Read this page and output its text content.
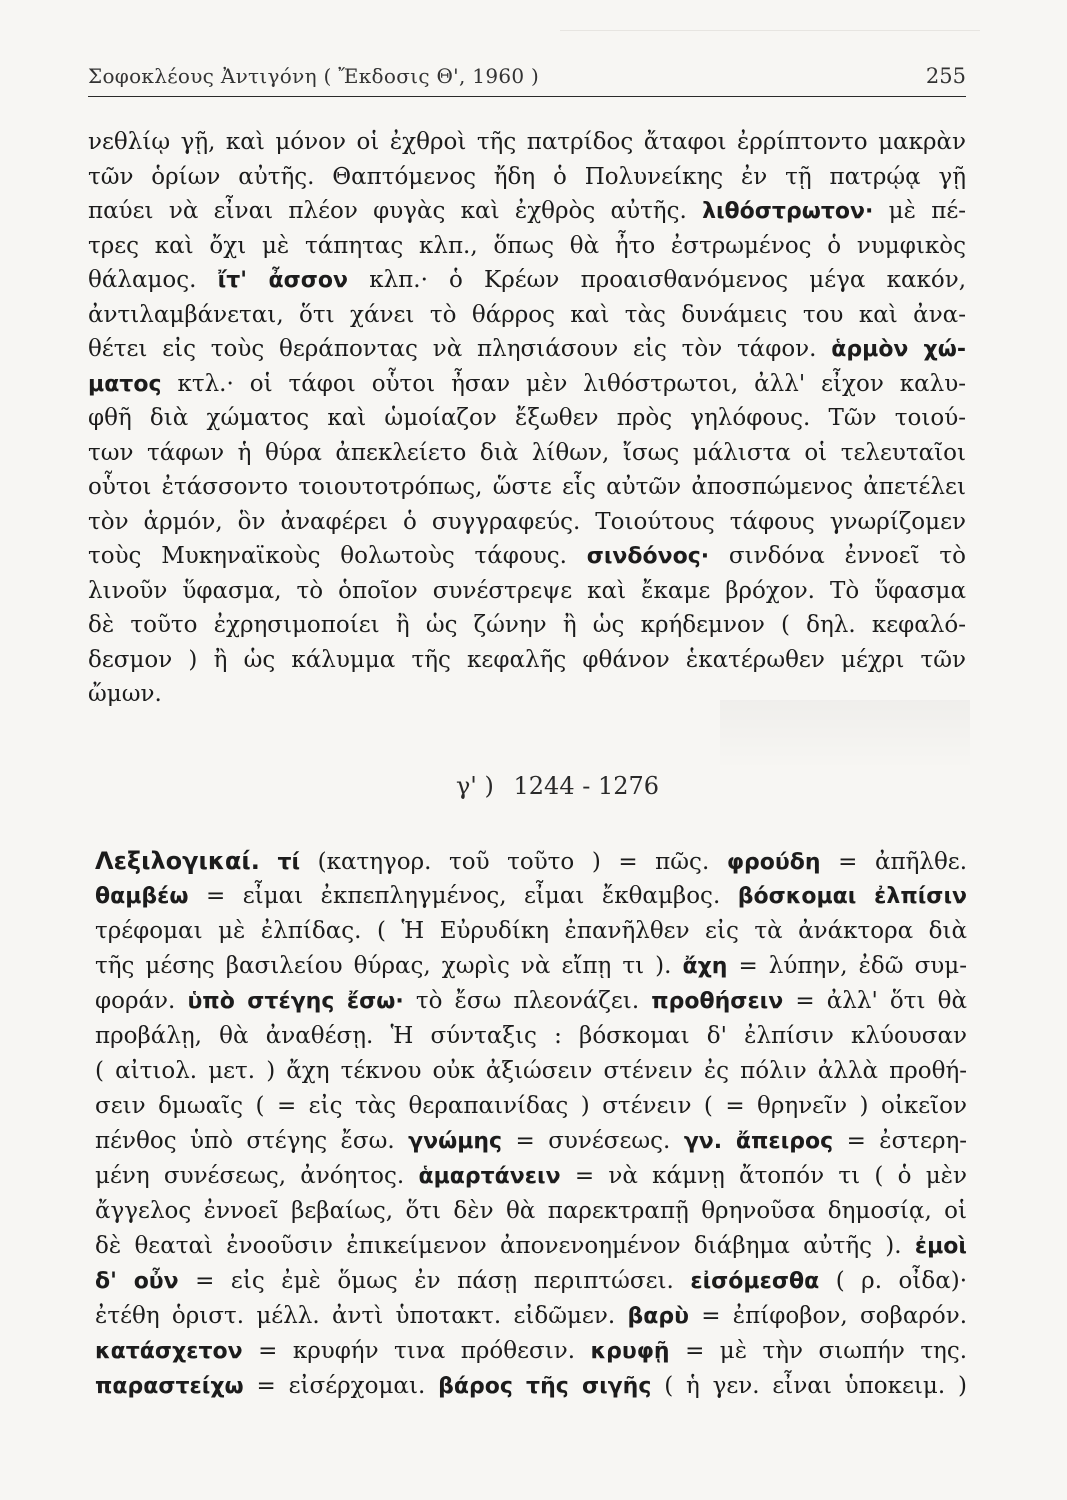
Σοφοκλέους Ἀντιγόνη ( Ἔκδοσις Θ', 1960 )	255
νεθλίῳ γῇ, καὶ μόνον οἱ ἐχθροὶ τῆς πατρίδος ἄταφοι ἐρρίπτοντο μακρὰν
τῶν ὁρίων αὐτῆς. Θαπτόμενος ἤδη ὁ Πολυνείκης ἐν τῇ πατρῴᾳ γῇ
παύει νὰ εἶναι πλέον φυγὰς καὶ ἐχθρὸς αὐτῆς. λιθόστρωτον· μὲ πέ-
τρες καὶ ὄχι μὲ τάπητας κλπ., ὅπως θὰ ἦτο ἐστρωμένος ὁ νυμφικὸς
θάλαμος. ἴτ' ἆσσον κλπ.· ὁ Κρέων προαισθανόμενος μέγα κακόν,
ἀντιλαμβάνεται, ὅτι χάνει τὸ θάρρος καὶ τὰς δυνάμεις του καὶ ἀνα-
θέτει εἰς τοὺς θεράποντας νὰ πλησιάσουν εἰς τὸν τάφον. ἁρμὸν χώ-
ματος κτλ.· οἱ τάφοι οὗτοι ἦσαν μὲν λιθόστρωτοι, ἀλλ' εἶχον καλυ-
φθῆ διὰ χώματος καὶ ὡμοίαζον ἔξωθεν πρὸς γηλόφους. Τῶν τοιού-
των τάφων ἡ θύρα ἀπεκλείετο διὰ λίθων, ἴσως μάλιστα οἱ τελευταῖοι
οὗτοι ἐτάσσοντο τοιουτοτρόπως, ὥστε εἷς αὐτῶν ἀποσπώμενος ἀπετέλει
τὸν ἁρμόν, ὃν ἀναφέρει ὁ συγγραφεύς. Τοιούτους τάφους γνωρίζομεν
τοὺς Μυκηναϊκοὺς θολωτοὺς τάφους. σινδόνος· σινδόνα ἐννοεῖ τὸ
λινοῦν ὕφασμα, τὸ ὁποῖον συνέστρεψε καὶ ἔκαμε βρόχον. Τὸ ὕφασμα
δὲ τοῦτο ἐχρησιμοποίει ἢ ὡς ζώνην ἢ ὡς κρήδεμνον ( δηλ. κεφαλό-
δεσμον ) ἢ ὡς κάλυμμα τῆς κεφαλῆς φθάνον ἑκατέρωθεν μέχρι τῶν
ὤμων.
γ' ) 1244 - 1276
Λεξιλογικαί. τί (κατηγορ. τοῦ τοῦτο ) = πῶς. φρούδη = ἀπῆλθε.
θαμβέω = εἶμαι ἐκπεπληγμένος, εἶμαι ἔκθαμβος. βόσκομαι ἐλπίσιν
τρέφομαι μὲ ἐλπίδας. ( Ἡ Εὐρυδίκη ἐπανῆλθεν εἰς τὰ ἀνάκτορα διὰ
τῆς μέσης βασιλείου θύρας, χωρὶς νὰ εἴπῃ τι ). ἄχη = λύπην, ἐδῶ συμ-
φοράν. ὑπὸ στέγης ἔσω· τὸ ἔσω πλεονάζει. προθήσειν = ἀλλ' ὅτι θὰ
προβάλῃ, θὰ ἀναθέσῃ. Ἡ σύνταξις : βόσκομαι δ' ἐλπίσιν κλύουσαν
( αἰτιολ. μετ. ) ἄχη τέκνου οὐκ ἀξιώσειν στένειν ἐς πόλιν ἀλλὰ προθή-
σειν δμωαῖς ( = εἰς τὰς θεραπαινίδας ) στένειν ( = θρηνεῖν ) οἰκεῖον
πένθος ὑπὸ στέγης ἔσω. γνώμης = συνέσεως. γν. ἄπειρος = ἐστερη-
μένη συνέσεως, ἀνόητος. ἁμαρτάνειν = νὰ κάμνῃ ἄτοπόν τι ( ὁ μὲν
ἄγγελος ἐννοεῖ βεβαίως, ὅτι δὲν θὰ παρεκτραπῇ θρηνοῦσα δημοσίᾳ, οἱ
δὲ θεαταὶ ἐνοοῦσιν ἐπικείμενον ἀπονενοημένον διάβημα αὐτῆς ). ἐμοὶ
δ' οὖν = εἰς ἐμὲ ὅμως ἐν πάσῃ περιπτώσει. εἰσόμεσθα ( ρ. οἶδα)·
ἐτέθη ὁριστ. μέλλ. ἀντὶ ὑποτακτ. εἰδῶμεν. βαρὺ = ἐπίφοβον, σοβαρόν.
κατάσχετον = κρυφήν τινα πρόθεσιν. κρυφῇ = μὲ τὴν σιωπήν της.
παραστείχω = εἰσέρχομαι. βάρος τῆς σιγῆς ( ἡ γεν. εἶναι ὑποκειμ. )
